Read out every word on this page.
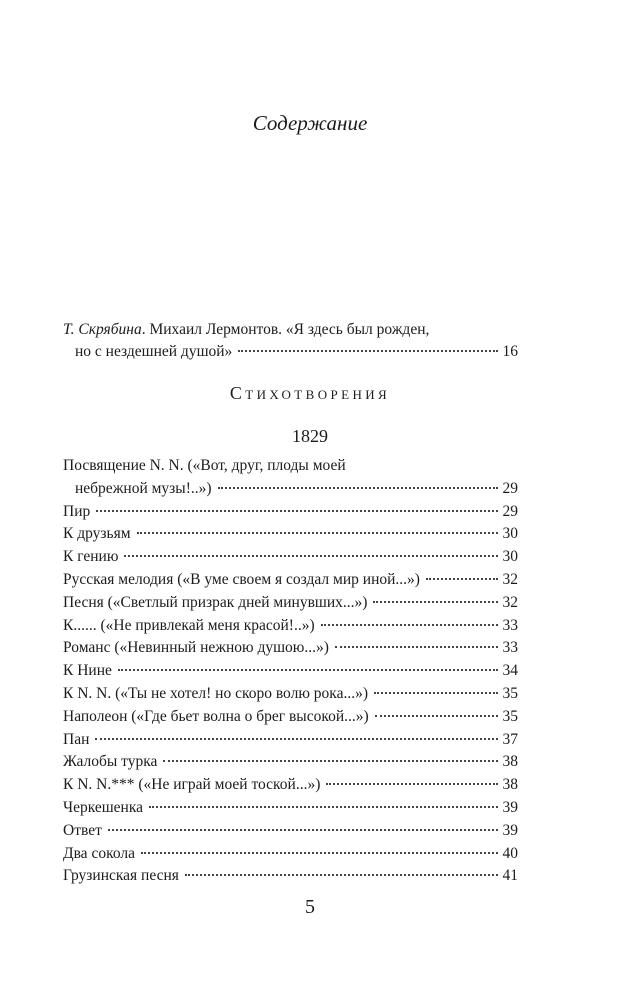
Содержание
Т. Скрябина. Михаил Лермонтов. «Я здесь был рожден,
но с нездешней душой»	16
Стихотворения
1829
Посвящение N. N. («Вот, друг, плоды моей
небрежной музы!..»)	29
Пир	29
К друзьям	30
К гению	30
Русская мелодия («В уме своем я создал мир иной...»)	32
Песня («Светлый призрак дней минувших...»)	32
К...... («Не привлекай меня красой!..»)	33
Романс («Невинный нежною душою...»)	33
К Нине	34
К N. N. («Ты не хотел! но скоро волю рока...»)	35
Наполеон («Где бьет волна о брег высокой...»)	35
Пан	37
Жалобы турка	38
К N. N.*** («Не играй моей тоской...»)	38
Черкешенка	39
Ответ	39
Два сокола	40
Грузинская песня	41
5
